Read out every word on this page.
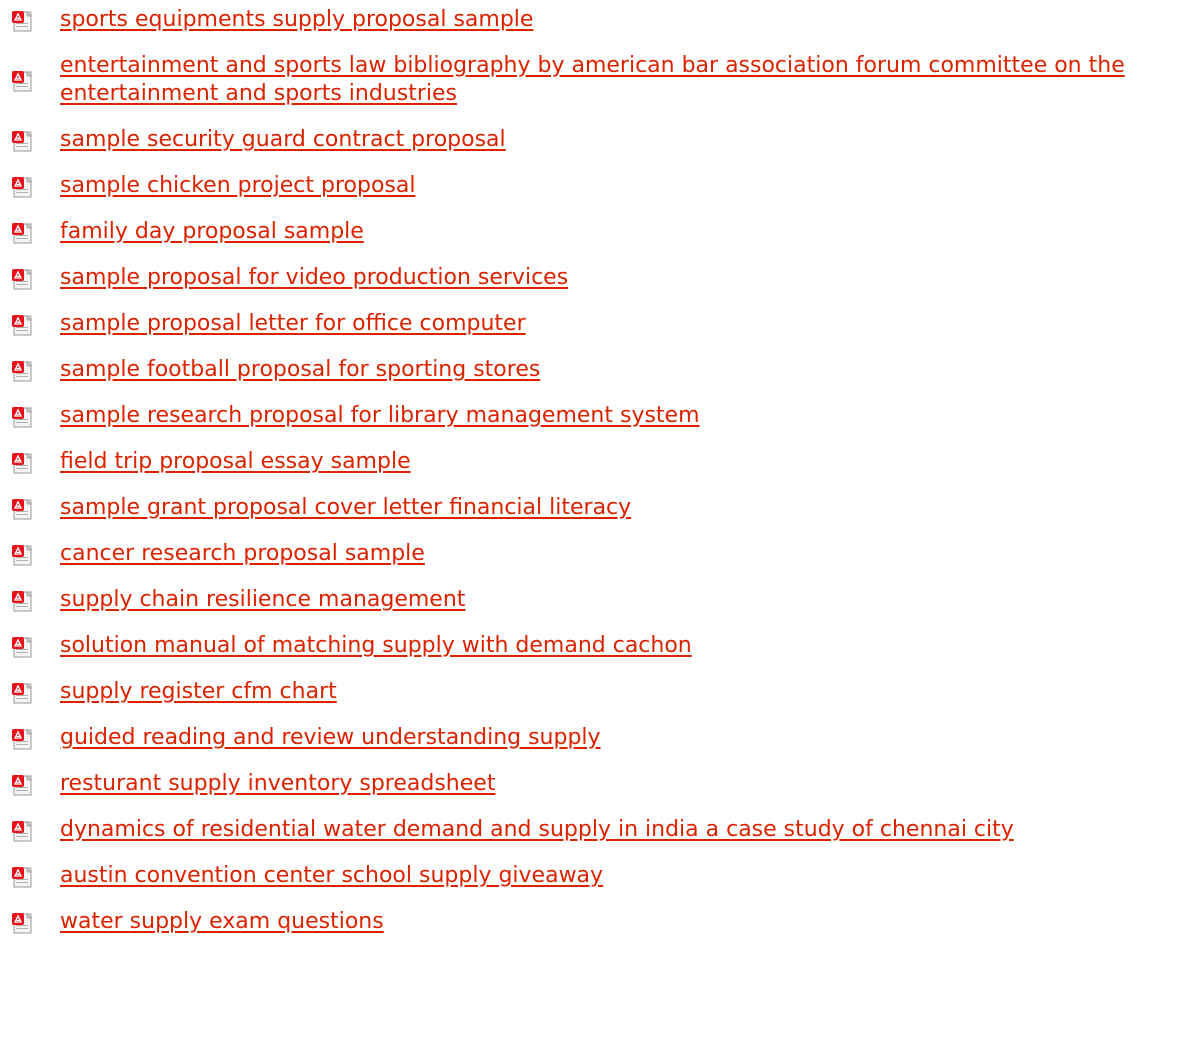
sports equipments supply proposal sample
entertainment and sports law bibliography by american bar association forum committee on the entertainment and sports industries
sample security guard contract proposal
sample chicken project proposal
family day proposal sample
sample proposal for video production services
sample proposal letter for office computer
sample football proposal for sporting stores
sample research proposal for library management system
field trip proposal essay sample
sample grant proposal cover letter financial literacy
cancer research proposal sample
supply chain resilience management
solution manual of matching supply with demand cachon
supply register cfm chart
guided reading and review understanding supply
resturant supply inventory spreadsheet
dynamics of residential water demand and supply in india a case study of chennai city
austin convention center school supply giveaway
water supply exam questions
